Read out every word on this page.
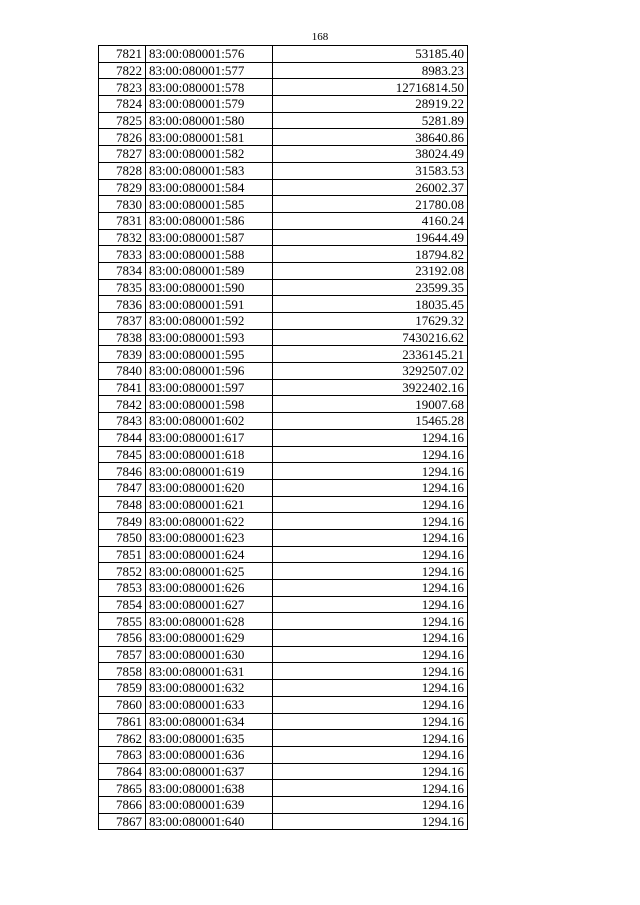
168
7821	83:00:080001:576	53185.40
7822	83:00:080001:577	8983.23
7823	83:00:080001:578	12716814.50
7824	83:00:080001:579	28919.22
7825	83:00:080001:580	5281.89
7826	83:00:080001:581	38640.86
7827	83:00:080001:582	38024.49
7828	83:00:080001:583	31583.53
7829	83:00:080001:584	26002.37
7830	83:00:080001:585	21780.08
7831	83:00:080001:586	4160.24
7832	83:00:080001:587	19644.49
7833	83:00:080001:588	18794.82
7834	83:00:080001:589	23192.08
7835	83:00:080001:590	23599.35
7836	83:00:080001:591	18035.45
7837	83:00:080001:592	17629.32
7838	83:00:080001:593	7430216.62
7839	83:00:080001:595	2336145.21
7840	83:00:080001:596	3292507.02
7841	83:00:080001:597	3922402.16
7842	83:00:080001:598	19007.68
7843	83:00:080001:602	15465.28
7844	83:00:080001:617	1294.16
7845	83:00:080001:618	1294.16
7846	83:00:080001:619	1294.16
7847	83:00:080001:620	1294.16
7848	83:00:080001:621	1294.16
7849	83:00:080001:622	1294.16
7850	83:00:080001:623	1294.16
7851	83:00:080001:624	1294.16
7852	83:00:080001:625	1294.16
7853	83:00:080001:626	1294.16
7854	83:00:080001:627	1294.16
7855	83:00:080001:628	1294.16
7856	83:00:080001:629	1294.16
7857	83:00:080001:630	1294.16
7858	83:00:080001:631	1294.16
7859	83:00:080001:632	1294.16
7860	83:00:080001:633	1294.16
7861	83:00:080001:634	1294.16
7862	83:00:080001:635	1294.16
7863	83:00:080001:636	1294.16
7864	83:00:080001:637	1294.16
7865	83:00:080001:638	1294.16
7866	83:00:080001:639	1294.16
7867	83:00:080001:640	1294.16
